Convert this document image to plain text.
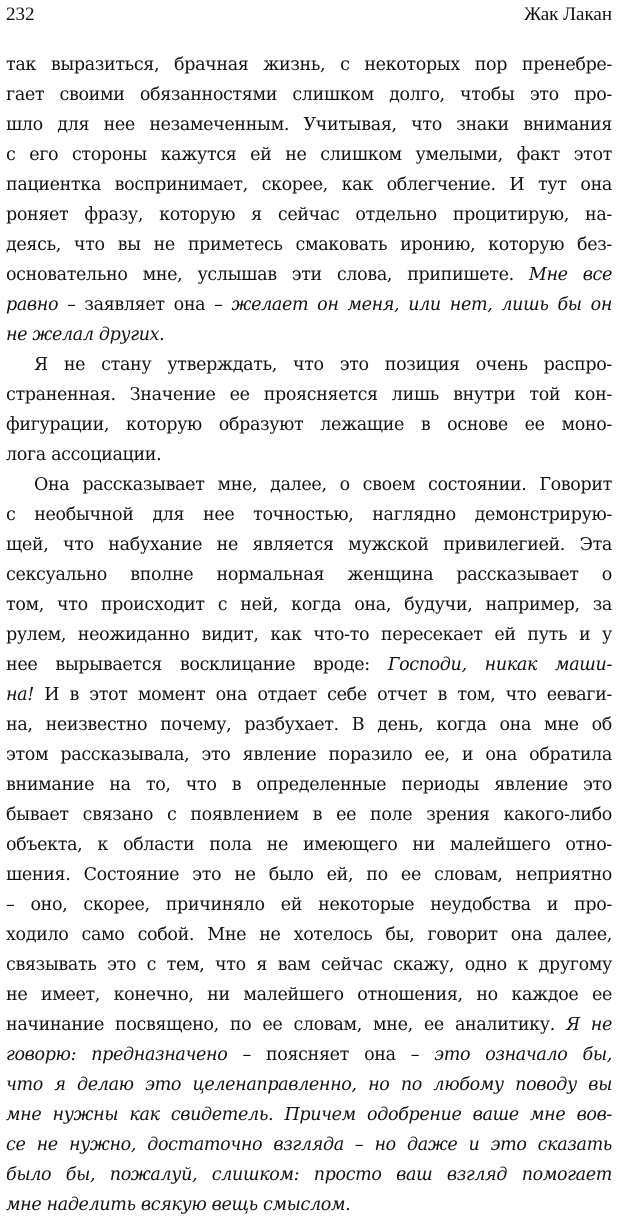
232	Жак Лакан
так выразиться, брачная жизнь, с некоторых пор пренебре-
гает своими обязанностями слишком долго, чтобы это про-
шло для нее незамеченным. Учитывая, что знаки внимания
с его стороны кажутся ей не слишком умелыми, факт этот
пациентка воспринимает, скорее, как облегчение. И тут она
роняет фразу, которую я сейчас отдельно процитирую, на-
деясь, что вы не приметесь смаковать иронию, которую без-
основательно мне, услышав эти слова, припишете. Мне все
равно – заявляет она – желает он меня, или нет, лишь бы он
не желал других.
Я не стану утверждать, что это позиция очень распро-
страненная. Значение ее проясняется лишь внутри той кон-
фигурации, которую образуют лежащие в основе ее моно-
лога ассоциации.
Она рассказывает мне, далее, о своем состоянии. Говорит
с необычной для нее точностью, наглядно демонстрирую-
щей, что набухание не является мужской привилегией. Эта
сексуально вполне нормальная женщина рассказывает о
том, что происходит с ней, когда она, будучи, например, за
рулем, неожиданно видит, как что-то пересекает ей путь и у
нее вырывается восклицание вроде: Господи, никак маши-
на! И в этот момент она отдает себе отчет в том, что ееваги-
на, неизвестно почему, разбухает. В день, когда она мне об
этом рассказывала, это явление поразило ее, и она обратила
внимание на то, что в определенные периоды явление это
бывает связано с появлением в ее поле зрения какого-либо
объекта, к области пола не имеющего ни малейшего отно-
шения. Состояние это не было ей, по ее словам, неприятно
– оно, скорее, причиняло ей некоторые неудобства и про-
ходило само собой. Мне не хотелось бы, говорит она далее,
связывать это с тем, что я вам сейчас скажу, одно к другому
не имеет, конечно, ни малейшего отношения, но каждое ее
начинание посвящено, по ее словам, мне, ее аналитику. Я не
говорю: предназначено – поясняет она – это означало бы,
что я делаю это целенаправленно, но по любому поводу вы
мне нужны как свидетель. Причем одобрение ваше мне вов-
се не нужно, достаточно взгляда – но даже и это сказать
было бы, пожалуй, слишком: просто ваш взгляд помогает
мне наделить всякую вещь смыслом.
